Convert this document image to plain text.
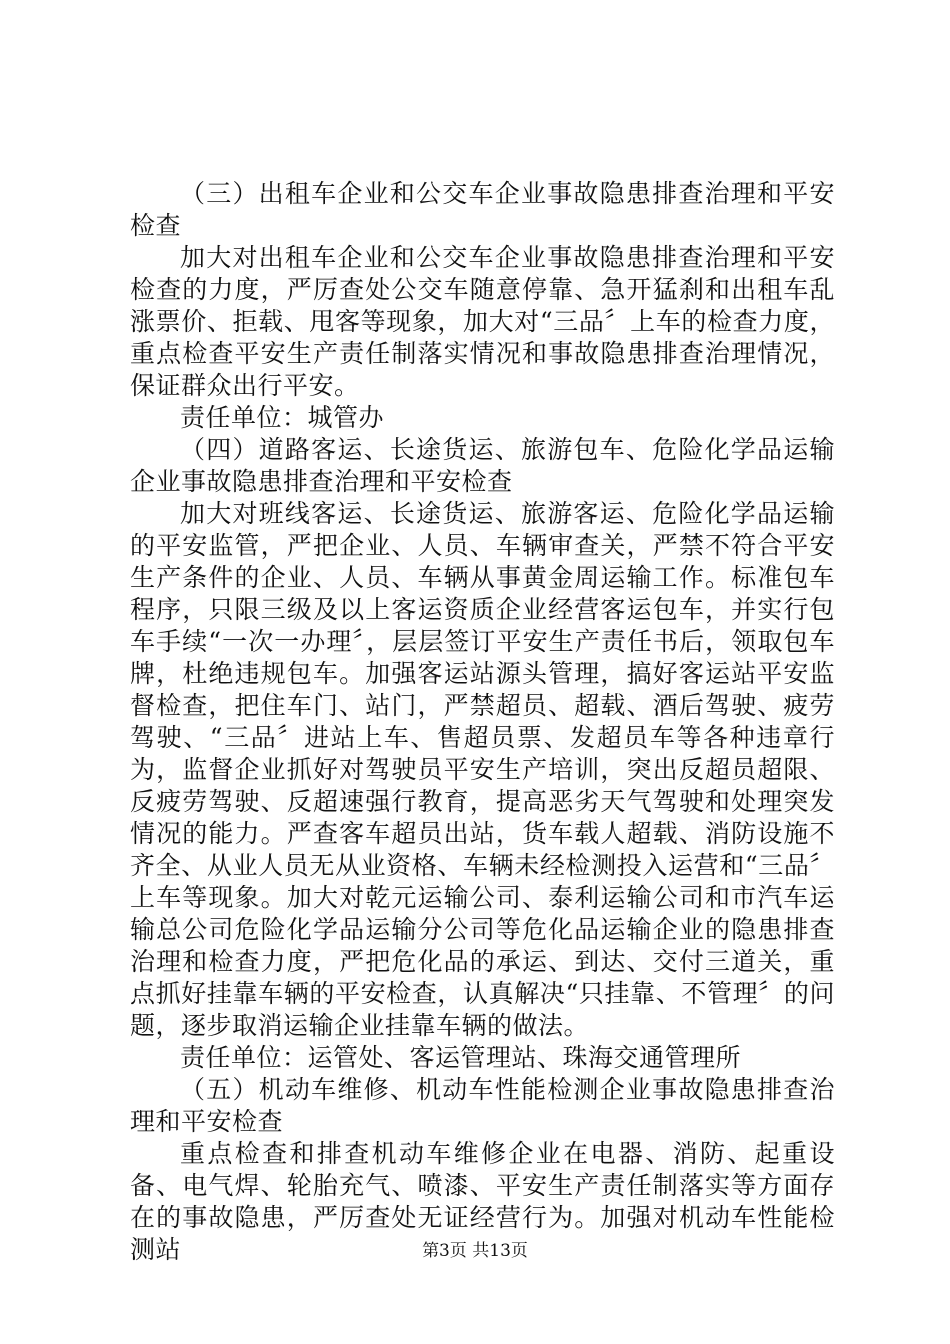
（三）出租车企业和公交车企业事故隐患排查治理和平安检查

加大对出租车企业和公交车企业事故隐患排查治理和平安检查的力度，严厉查处公交车随意停靠、急开猛刹和出租车乱涨票价、拒载、甩客等现象，加大对“三品〞上车的检查力度，重点检查平安生产责任制落实情况和事故隐患排查治理情况，保证群众出行平安。

责任单位：城管办

（四）道路客运、长途货运、旅游包车、危险化学品运输企业事故隐患排查治理和平安检查

加大对班线客运、长途货运、旅游客运、危险化学品运输的平安监管，严把企业、人员、车辆审查关，严禁不符合平安生产条件的企业、人员、车辆从事黄金周运输工作。标准包车程序，只限三级及以上客运资质企业经营客运包车，并实行包车手续“一次一办理〞，层层签订平安生产责任书后，领取包车牌，杜绝违规包车。加强客运站源头管理，搞好客运站平安监督检查，把住车门、站门，严禁超员、超载、酒后驾驶、疲劳驾驶、“三品〞进站上车、售超员票、发超员车等各种违章行为，监督企业抓好对驾驶员平安生产培训，突出反超员超限、反疲劳驾驶、反超速强行教育，提高恶劣天气驾驶和处理突发情况的能力。严查客车超员出站，货车载人超载、消防设施不齐全、从业人员无从业资格、车辆未经检测投入运营和“三品〞上车等现象。加大对乾元运输公司、泰利运输公司和市汽车运输总公司危险化学品运输分公司等危化品运输企业的隐患排查治理和检查力度，严把危化品的承运、到达、交付三道关，重点抓好挂靠车辆的平安检查，认真解决“只挂靠、不管理〞的问题，逐步取消运输企业挂靠车辆的做法。

责任单位：运管处、客运管理站、珠海交通管理所

（五）机动车维修、机动车性能检测企业事故隐患排查治理和平安检查

重点检查和排查机动车维修企业在电器、消防、起重设备、电气焊、轮胎充气、喷漆、平安生产责任制落实等方面存在的事故隐患，严厉查处无证经营行为。加强对机动车性能检测站	第3页 共13页
